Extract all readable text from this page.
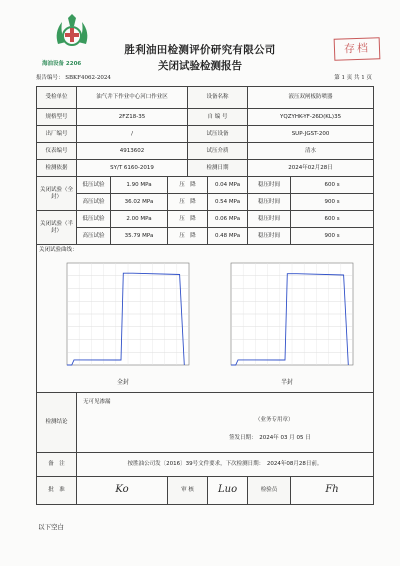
海油设备 2206
胜利油田检测评价研究有限公司
关闭试验检测报告
存档
报告编号： SBKF4062-2024	第 1 页 共 1 页
受检单位	油气井下作业中心河口作业区			设备名称		液压双闸板防喷器	
规格型号	2FZ18-35			自 编 号		YQZYHK-YF-26D(KL)35	
出厂编号	/			试压设备		SUP-JGST-200	
仪表编号	4913602			试压介质		清水	
检测依据	SY/T 6160-2019			检测日期		2024年02月28日	
关闭试验（全封）	低压试验	1.90 MPa	压　降		0.04 MPa	稳压时间	600 s
	高压试验	36.02 MPa	压　降		0.54 MPa	稳压时间	900 s
关闭试验（半封）	低压试验	2.00 MPa	压　降		0.06 MPa	稳压时间	600 s
	高压试验	35.79 MPa	压　降		0.48 MPa	稳压时间	900 s

关闭试验曲线：
全封 半封							

检测结论	无可见渗漏
（业务专用章）
签发日期：　2024年 03 月 05 日						

备　注	按胜油公司发〔2016〕39号文件要求，下次检测日期：　2024年08月28日前。						
批　准	Ko		审 核		Luo	检验员	Fh
以下空白
